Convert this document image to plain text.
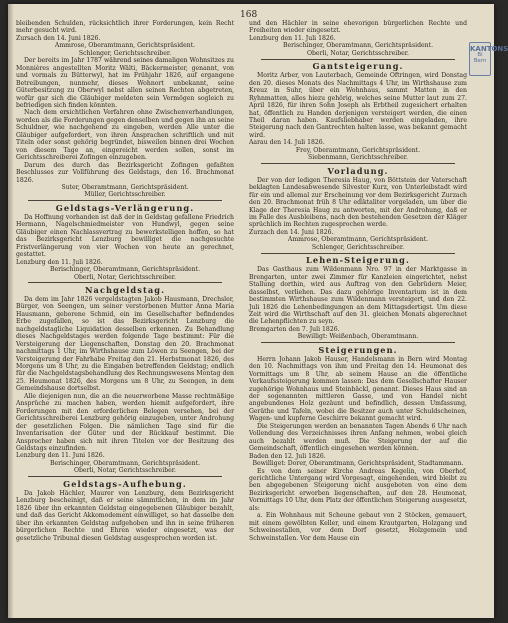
168

bleibenden Schulden, rücksichtlich ihrer Forderungen, kein Recht mehr gesucht wird.

Zursach den 14. Juni 1826.

Ammrose, Oberamtmann, Gerichtspräsident.

Schlenger, Gerichtsschreiber.

Der bereits im Jahr 1787 während seines damaligen Wohnsitzes zu Monnières angestellten Moritz Wälti, Bäckermeister, genannt, von und vormals zu Bütterwyl, hat im Frühjahr 1826, auf ergangene Betreibungen, nunmehr, dieses Wohnort unbekannt, seine Güterbesitzung zu Oberwyl nebst allen seinen Rechten abgetreten, wofür gar sich die Gläubiger meldeten sein Vermögen sogleich zu befriedigen sich finden könnten.

Nach dem ersichtlichen Verfahren ohne Zwischenverhandlungen, worden als die Forderungen gegen denselben und gegen ihn an seine Schuldner, wie nachgehend zu eingeben, werden Alle unter die Gläubiger aufgefordert, von ihren Ansprachen schriftlich und mit Titeln oder sonst gehörig begründet, bisweilen binnen drei Wochen von diesem Tage an, eingereicht werden sollen, sonst im Gerichtsschreiberei Zofingen einzugeben.

Darum des durch das Bezirksgericht Zofingen gefaßten Beschlusses zur Vollführung des Geldstags, den 16. Brachmonat 1826.

Suter, Oberamtmann, Gerichtspräsident.

Müller, Gerichtsschreiber.

Geldstags-Verlängerung.

Da Hoffnung vorhanden ist daß der in Geldstag gefallene Friedrich Hermann, Nagelschmiedmeister von Hundwyl, gegen seine Gläubiger einen Nachlassvertrag zu bewerkstelligen hoffen, so hat das Bezirksgericht Lenzburg bewilliget die nachgesuchte Fristverlängerung von vier Wochen von heute an gerechnet, gestattet.

Lenzburg den 11. Juli 1826.

Berischinger, Oberamtmann, Gerichtspräsident.

Oberli, Notar, Gerichtsschreiber.

Nachgeldstag.

Da dem im Jahr 1826 vergeldstagten Jakob Hausmann, Drechsler, Bürger, von Seengen, um seiner verstorbenen Mutter Anna Maria Hausmann, geborene Schmid, ein im Gesellschafter befindendes Erbe zugefallen, so ist das Bezirksgericht Lenzburg die nachgeldstagliche Liquidation desselben erkennen. Zu Behandlung dieses Nachgeldstages werden folgende Tage bestimmt: Für die Versteigerung der Liegenschaften, Donstag den 20. Brachmonat nachmittags 1 Uhr, im Wirthshause zum Löwen zu Seengen, bei der Versteigerung der Fahrhabe Freitag den 21. Herbstmonat 1826, des Morgens um 8 Uhr, zu die Eingaben betreffenden Geldstag; endlich für die Nachgeldstagsbehandlung des Rechnungswesens Montag den 25. Heumonat 1826, des Morgens um 8 Uhr, zu Seengen, in dem Gemeindshause dortselbst.

Alle diejenigen nun, die an die neuerworbene Masse rechtmäßige Ansprüche zu machen haben, werden hiemit aufgefordert, ihre Forderungen mit den erforderlichen Belegen versehen, bei der Gerichtsschreiberei Lenzburg gehörig einzugeben, unter Androhung der gesetzlichen Folgen. Die nämlichen Tage sind für die Inventarisation der Güter und der Rückkauf bestimmt. Die Ansprecher haben sich mit ihren Titelen vor der Besitzung des Geldstags einzufinden.

Lenzburg den 11. Juni 1826.

Berischinger, Oberamtmann, Gerichtspräsident.

Oberli, Notar, Gerichtsschreiber.

Geldstags-Aufhebung.

Da Jakob Hächler, Maurer von Lenzburg, dem Bezirksgericht Lenzburg bescheinigt, daß er seine sämmtlichen, in dem im Jahr 1826 über ihn erkannten Geldstag eingegebenen Gläubiger bezahlt, und daß das Gericht Akkomodement einwilliget, so hat dasselbe den über ihn erkannten Geldstag aufgehoben und ihn in seine früheren bürgerlichen Rechte und Ehren wieder eingesetzt, was der gesetzliche Tribunal diesen Geldstag ausgesprochen worden ist.

und den Hächler in seine ehevorigen bürgerlichen Rechte und Freiheiten wieder eingesetzt.

Lenzburg den 11. Juli 1826.

Berischinger, Oberamtmann, Gerichtspräsident.

Oberli, Notar, Gerichtsschreiber.

Gantsteigerung.

Moritz Arber, von Lauterbach, Gemeinde Oftringen, wird Donstag den 20. dieses Monats des Nachmittags 4 Uhr, im Wirthshause zum Kreuz in Suhr, über ein Wohnhaus, sammt Matten in den Ryhnmatten, alles hiezu gehörig, welches seine Mutter laut zum 27. April 1826, für ihren Sohn Joseph als Erbtheil zugesichert erhalten hat, öffentlich zu Handen derjenigen versteigert werden, die einen Theil daran haben. Kaufsliebhaber werden eingeladen, ihre Steigerung nach den Gantrechten halten lasse, was bekannt gemacht wird.

Aarau den 14. Juli 1826.

Frey, Oberamtmann, Gerichtspräsident.

Siebenmann, Gerichtsschreiber.

Vorladung.

Der von der ledigen Theresia Haug, von Böttstein der Vaterschaft beklagten Landesabwesende Silvester Kurz, von Unterleibstadt wird für ein und allemal zur Erscheinung vor dem Bezirksgericht Zurzach den 20. Brachmonat früh 8 Uhr ediktaliter vorgeladen, um über die Klage der Theresia Haug zu antworten, mit der Androhung, daß er im Falle des Ausbleibens, nach den bestehenden Gesetzen der Kläger sprüchlich im Rechten zugesprochen werde.

Zurzach den 14. Juni 1826.

Ammrose, Oberamtmann, Gerichtspräsident.

Schlenger, Gerichtsschreiber.

Lehen-Steigerung.

Das Gasthaus zum Wildenmann Nro. 97 in der Marktgasse in Brengarten, unter zwei Zimmer für Kanzleien eingerichtet, nebst Stallung dorthin, wird aus Auftrag von den Gebrüdern Meier, dasselbst, verliehen. Das dazu gehörige Inventarium ist in dem bestimmten Wirthshause zum Wildenmann versteigert, und den 22. Juli 1826 die Lehenbedingungen an dem Mittagsdertigst. Um diese Zeit wird die Wirthschaft auf den 31. gleichen Monats abgerechnet die Lehenpflichten zu seyn.

Bremgarten den 7. Juli 1826.

Bewilligt: Weißenbach, Oberamtmann.

Steigerungen.

Herrn Johann Jakob Hauser, Handelsmann in Bern wird Montag den 10. Nachmittags von ihm und Freitag den 14. Heumonat des Vormittags um 8 Uhr, ab seinem Hause an die öffentliche Verkaufssteigerung kommen lassen: Das dem Gesellschafter Hauser zugehörige Wohnhaus und Steinbäckl, genannt. Dieses Haus sind an der sogenannten mittleren Gasse, und von Handel nicht angebundenes Holz gezäunt und befindlich, dessen Umfassung, Geräthe und Tafeln, wobei die Besitzer auch unter Schuldscheinen, Wagen- und kupferne Geschirre bekannt gemacht wird.

Die Steigerungen werden an benannten Tagen Abends 6 Uhr nach Vollendung des Verzeichnisses ihren Anfang nehmen, wobei gleich auch bezahlt werden muß. Die Steigerung der auf die Gemeindschaft, öffentlich eingesehen werden können.

Baden den 12. Juli 1826.

Bewilliget: Dorer, Oberamtmann, Gerichtspräsident, Stadtammann.

Es von dem seiner Kirche Andreas Kegelin, von Oberhof, gerichtliche Untergang wird Vorgesagt, eingehenden, wird bleibt zu ben abgegebenen Steigerung nicht ausgeboten von eine dem Bezirksgericht erworben liegenschaften, auf den 28. Heumonat, Vormittags 10 Uhr, dem Platz der öffentlichen Steigerung ausgesetzt, als:

a. Ein Wohnhaus mit Scheune gebaut von 2 Stöcken, gemauert, mit einem gewölbten Keller, und einem Krautgarten, Holzgang und Schweinestallen, vor dem Dorf gesetzt, Holzgemein und Schweinstallen. Vor dem Hause ein

KANTONS
Bi
Bern
